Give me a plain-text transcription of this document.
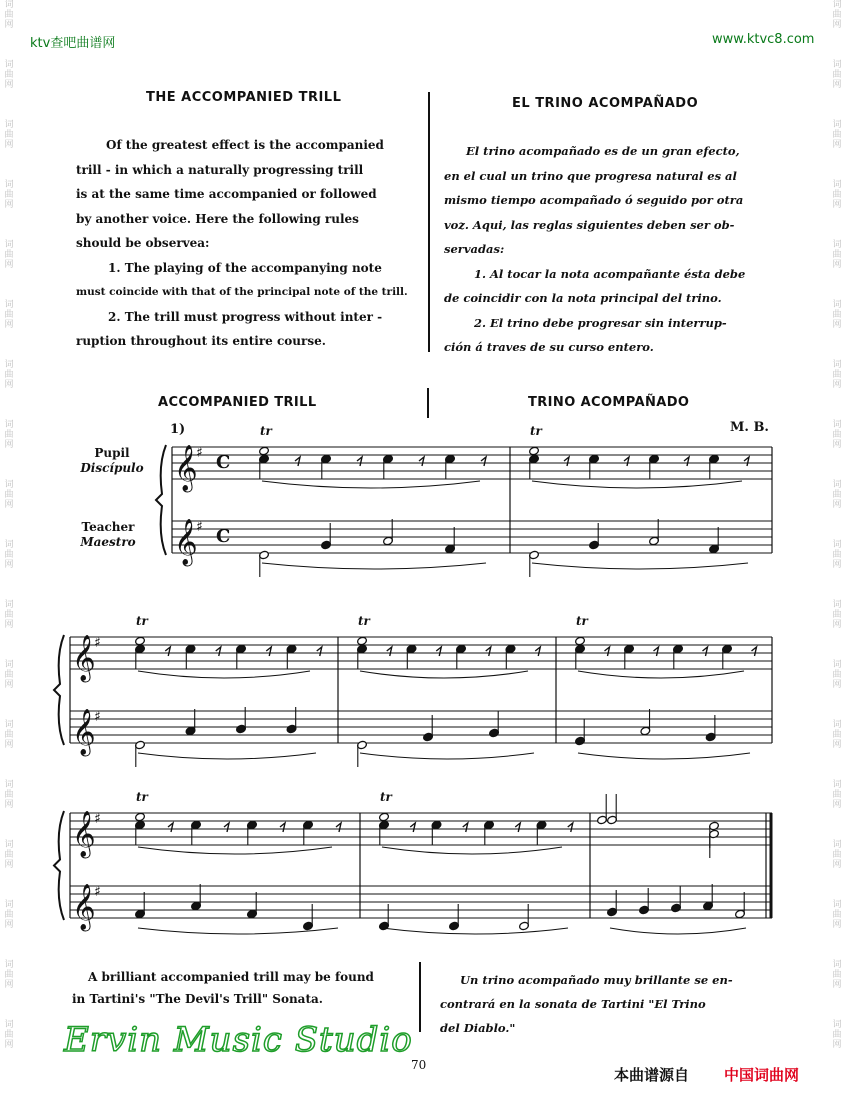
词
曲
网
词
曲
网
词
曲
网
词
曲
网
词
曲
网
词
曲
网
词
曲
网
词
曲
网
词
曲
网
词
曲
网
词
曲
网
词
曲
网
词
曲
网
词
曲
网
词
曲
网
词
曲
网
词
曲
网
词
曲
网
词
曲
网
词
曲
网
词
曲
网
词
曲
网
词
曲
网
词
曲
网
词
曲
网
词
曲
网
词
曲
网
词
曲
网
词
曲
网
词
曲
网
词
曲
网
词
曲
网
词
曲
网
词
曲
网
词
曲
网
词
曲
网
ktv查吧曲谱网	www.ktvc8.com
THE ACCOMPANIED TRILL

Of the greatest effect is the accompanied

trill - in which a naturally progressing trill

is at the same time accompanied or followed

by another voice. Here the following rules

should be observea:

1. The playing of the accompanying note

must coincide with that of the principal note of the trill.

2. The trill must progress without inter -

ruption throughout its entire course.

EL TRINO ACOMPAÑADO

El trino acompañado es de un gran efecto,

en el cual un trino que progresa natural es al

mismo tiempo acompañado ó seguido por otra

voz. Aqui, las reglas siguientes deben ser ob-

servadas:

1. Al tocar la nota acompañante ésta debe

de coincidir con la nota principal del trino.

2. El trino debe progresar sin interrup-

ción á traves de su curso entero.

ACCOMPANIED TRILL	TRINO ACOMPAÑADO
1)	M. B.
Pupil
Discípulo
Teacher
Maestro
𝄞
♯
𝄞
♯
C
C
tr	tr
𝄞
♯
𝄞
♯
tr	tr	tr
𝄞
♯
𝄞
♯
tr	tr

A brilliant accompanied trill may be found

in Tartini's "The Devil's Trill" Sonata.

Un trino acompañado muy brillante se en-

contrará en la sonata de Tartini "El Trino

del Diablo."

Ervin Music Studio
70
本曲谱源自 中国词曲网
